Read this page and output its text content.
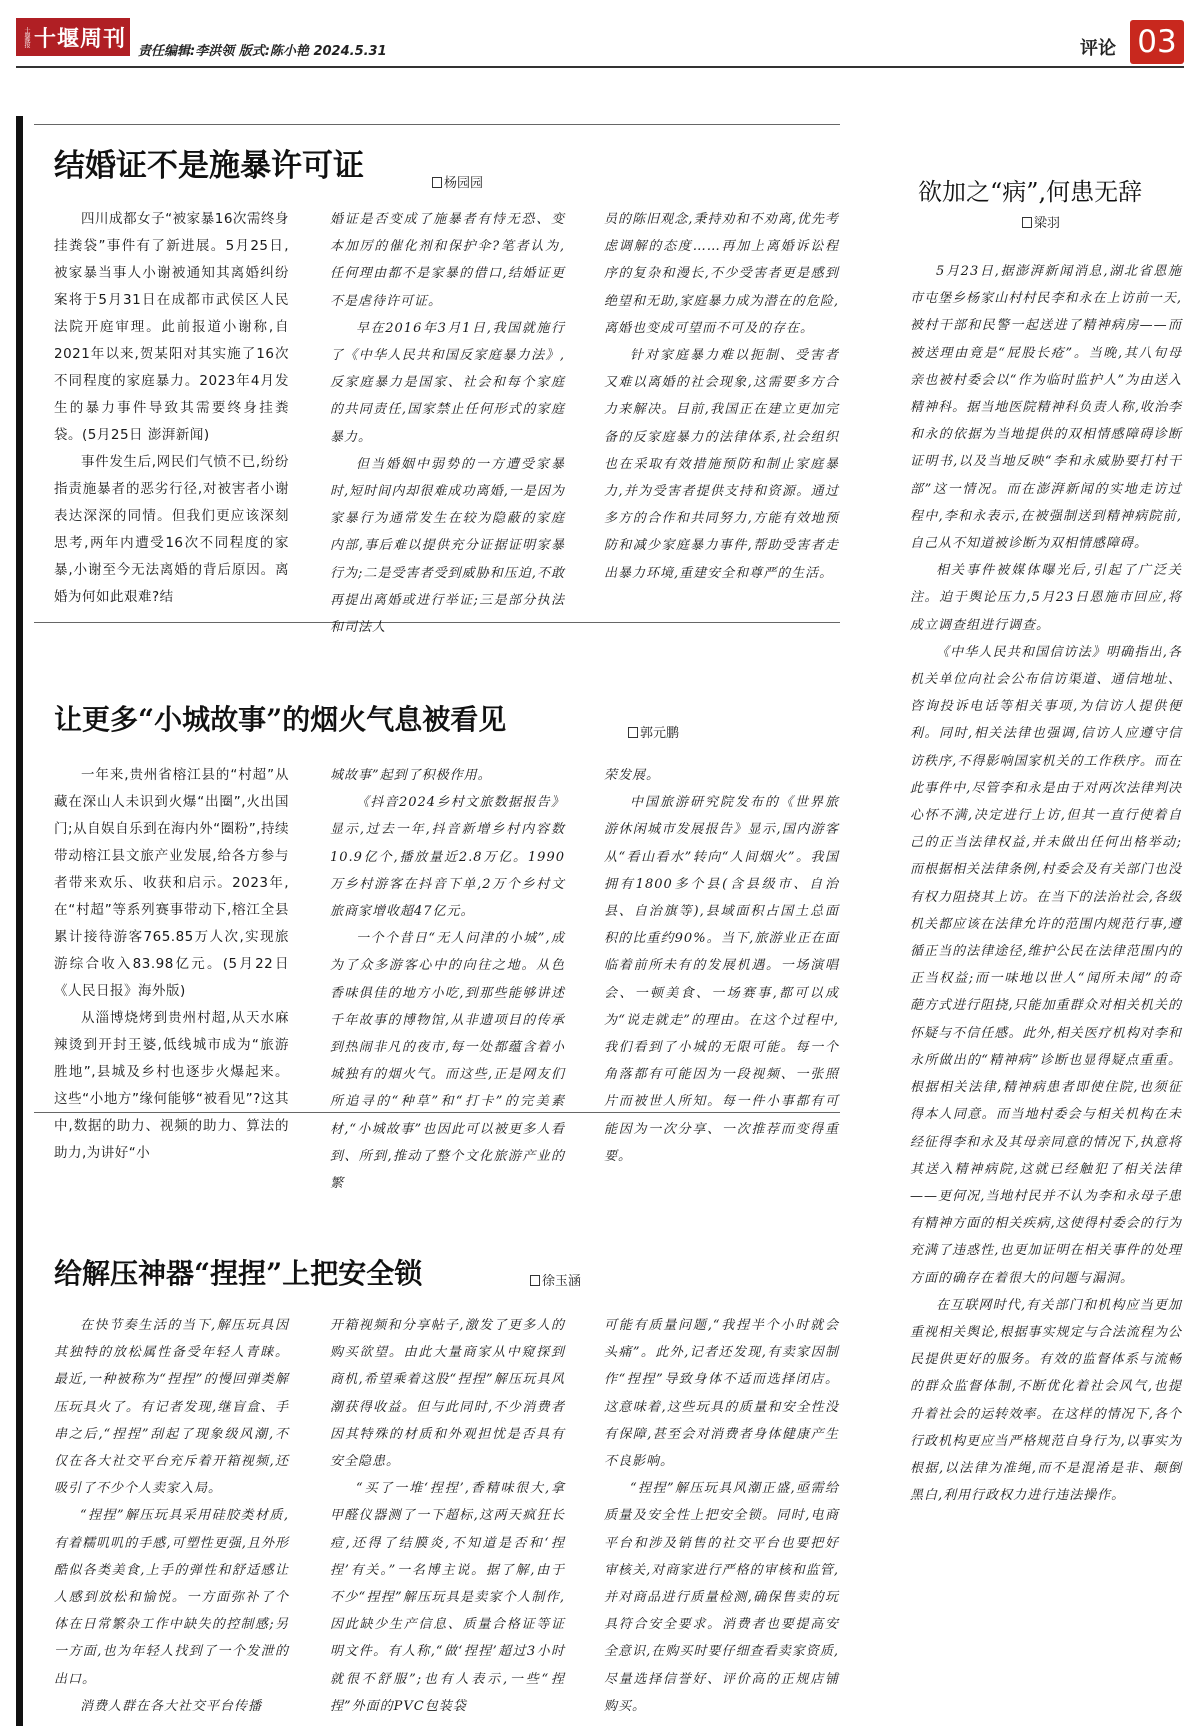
十堰晚报 十堰周刊 责任编辑:李洪领 版式:陈小艳 2024.5.31	评论 03
结婚证不是施暴许可证	杨园园

四川成都女子“被家暴16次需终身挂粪袋”事件有了新进展。5月25日,被家暴当事人小谢被通知其离婚纠纷案将于5月31日在成都市武侯区人民法院开庭审理。此前报道小谢称,自2021年以来,贺某阳对其实施了16次不同程度的家庭暴力。2023年4月发生的暴力事件导致其需要终身挂粪袋。(5月25日 澎湃新闻)

事件发生后,网民们气愤不已,纷纷指责施暴者的恶劣行径,对被害者小谢表达深深的同情。但我们更应该深刻思考,两年内遭受16次不同程度的家暴,小谢至今无法离婚的背后原因。离婚为何如此艰难?结

婚证是否变成了施暴者有恃无恐、变本加厉的催化剂和保护伞?笔者认为,任何理由都不是家暴的借口,结婚证更不是虐待许可证。

早在2016年3月1日,我国就施行了《中华人民共和国反家庭暴力法》,反家庭暴力是国家、社会和每个家庭的共同责任,国家禁止任何形式的家庭暴力。

但当婚姻中弱势的一方遭受家暴时,短时间内却很难成功离婚,一是因为家暴行为通常发生在较为隐蔽的家庭内部,事后难以提供充分证据证明家暴行为;二是受害者受到威胁和压迫,不敢再提出离婚或进行举证;三是部分执法和司法人

员的陈旧观念,秉持劝和不劝离,优先考虑调解的态度……再加上离婚诉讼程序的复杂和漫长,不少受害者更是感到绝望和无助,家庭暴力成为潜在的危险,离婚也变成可望而不可及的存在。

针对家庭暴力难以扼制、受害者又难以离婚的社会现象,这需要多方合力来解决。目前,我国正在建立更加完备的反家庭暴力的法律体系,社会组织也在采取有效措施预防和制止家庭暴力,并为受害者提供支持和资源。通过多方的合作和共同努力,方能有效地预防和减少家庭暴力事件,帮助受害者走出暴力环境,重建安全和尊严的生活。

让更多“小城故事”的烟火气息被看见	郭元鹏

一年来,贵州省榕江县的“村超”从藏在深山人未识到火爆“出圈”,火出国门;从自娱自乐到在海内外“圈粉”,持续带动榕江县文旅产业发展,给各方参与者带来欢乐、收获和启示。2023年,在“村超”等系列赛事带动下,榕江全县累计接待游客765.85万人次,实现旅游综合收入83.98亿元。(5月22日《人民日报》海外版)

从淄博烧烤到贵州村超,从天水麻辣烫到开封王婆,低线城市成为“旅游胜地”,县城及乡村也逐步火爆起来。这些“小地方”缘何能够“被看见”?这其中,数据的助力、视频的助力、算法的助力,为讲好“小

城故事”起到了积极作用。

《抖音2024乡村文旅数据报告》显示,过去一年,抖音新增乡村内容数10.9亿个,播放量近2.8万亿。1990万乡村游客在抖音下单,2万个乡村文旅商家增收超47亿元。

一个个昔日“无人问津的小城”,成为了众多游客心中的向往之地。从色香味俱佳的地方小吃,到那些能够讲述千年故事的博物馆,从非遗项目的传承到热闹非凡的夜市,每一处都蕴含着小城独有的烟火气。而这些,正是网友们所追寻的“种草”和“打卡”的完美素材,“小城故事”也因此可以被更多人看到、所到,推动了整个文化旅游产业的繁

荣发展。

中国旅游研究院发布的《世界旅游休闲城市发展报告》显示,国内游客从“看山看水”转向“人间烟火”。我国拥有1800多个县(含县级市、自治县、自治旗等),县域面积占国土总面积的比重约90%。当下,旅游业正在面临着前所未有的发展机遇。一场演唱会、一顿美食、一场赛事,都可以成为“说走就走”的理由。在这个过程中,我们看到了小城的无限可能。每一个角落都有可能因为一段视频、一张照片而被世人所知。每一件小事都有可能因为一次分享、一次推荐而变得重要。

给解压神器“捏捏”上把安全锁	徐玉涵

在快节奏生活的当下,解压玩具因其独特的放松属性备受年轻人青睐。最近,一种被称为“捏捏”的慢回弹类解压玩具火了。有记者发现,继盲盒、手串之后,“捏捏”刮起了现象级风潮,不仅在各大社交平台充斥着开箱视频,还吸引了不少个人卖家入局。

“捏捏”解压玩具采用硅胶类材质,有着糯叽叽的手感,可塑性更强,且外形酷似各类美食,上手的弹性和舒适感让人感到放松和愉悦。一方面弥补了个体在日常繁杂工作中缺失的控制感;另一方面,也为年轻人找到了一个发泄的出口。

消费人群在各大社交平台传播

开箱视频和分享帖子,激发了更多人的购买欲望。由此大量商家从中窥探到商机,希望乘着这股“捏捏”解压玩具风潮获得收益。但与此同时,不少消费者因其特殊的材质和外观担忧是否具有安全隐患。

“买了一堆‘捏捏’,香精味很大,拿甲醛仪器测了一下超标,这两天疯狂长痘,还得了结膜炎,不知道是否和‘捏捏’有关。”一名博主说。据了解,由于不少“捏捏”解压玩具是卖家个人制作,因此缺少生产信息、质量合格证等证明文件。有人称,“做‘捏捏’超过3小时就很不舒服”;也有人表示,一些“捏捏”外面的PVC包装袋

可能有质量问题,“我捏半个小时就会头痛”。此外,记者还发现,有卖家因制作“捏捏”导致身体不适而选择闭店。这意味着,这些玩具的质量和安全性没有保障,甚至会对消费者身体健康产生不良影响。

“捏捏”解压玩具风潮正盛,亟需给质量及安全性上把安全锁。同时,电商平台和涉及销售的社交平台也要把好审核关,对商家进行严格的审核和监管,并对商品进行质量检测,确保售卖的玩具符合安全要求。消费者也要提高安全意识,在购买时要仔细查看卖家资质,尽量选择信誉好、评价高的正规店铺购买。

欲加之“病”,何患无辞
梁羽

5月23日,据澎湃新闻消息,湖北省恩施市屯堡乡杨家山村村民李和永在上访前一天,被村干部和民警一起送进了精神病房——而被送理由竟是“屁股长疮”。当晚,其八旬母亲也被村委会以“作为临时监护人”为由送入精神科。据当地医院精神科负责人称,收治李和永的依据为当地提供的双相情感障碍诊断证明书,以及当地反映“李和永威胁要打村干部”这一情况。而在澎湃新闻的实地走访过程中,李和永表示,在被强制送到精神病院前,自己从不知道被诊断为双相情感障碍。

相关事件被媒体曝光后,引起了广泛关注。迫于舆论压力,5月23日恩施市回应,将成立调查组进行调查。

《中华人民共和国信访法》明确指出,各机关单位向社会公布信访渠道、通信地址、咨询投诉电话等相关事项,为信访人提供便利。同时,相关法律也强调,信访人应遵守信访秩序,不得影响国家机关的工作秩序。而在此事件中,尽管李和永是由于对两次法律判决心怀不满,决定进行上访,但其一直行使着自己的正当法律权益,并未做出任何出格举动;而根据相关法律条例,村委会及有关部门也没有权力阻挠其上访。在当下的法治社会,各级机关都应该在法律允许的范围内规范行事,遵循正当的法律途径,维护公民在法律范围内的正当权益;而一味地以世人“闻所未闻”的奇葩方式进行阻挠,只能加重群众对相关机关的怀疑与不信任感。此外,相关医疗机构对李和永所做出的“精神病”诊断也显得疑点重重。根据相关法律,精神病患者即使住院,也须征得本人同意。而当地村委会与相关机构在未经征得李和永及其母亲同意的情况下,执意将其送入精神病院,这就已经触犯了相关法律——更何况,当地村民并不认为李和永母子患有精神方面的相关疾病,这使得村委会的行为充满了违惑性,也更加证明在相关事件的处理方面的确存在着很大的问题与漏洞。

在互联网时代,有关部门和机构应当更加重视相关舆论,根据事实规定与合法流程为公民提供更好的服务。有效的监督体系与流畅的群众监督体制,不断优化着社会风气,也提升着社会的运转效率。在这样的情况下,各个行政机构更应当严格规范自身行为,以事实为根据,以法律为准绳,而不是混淆是非、颠倒黑白,利用行政权力进行违法操作。
